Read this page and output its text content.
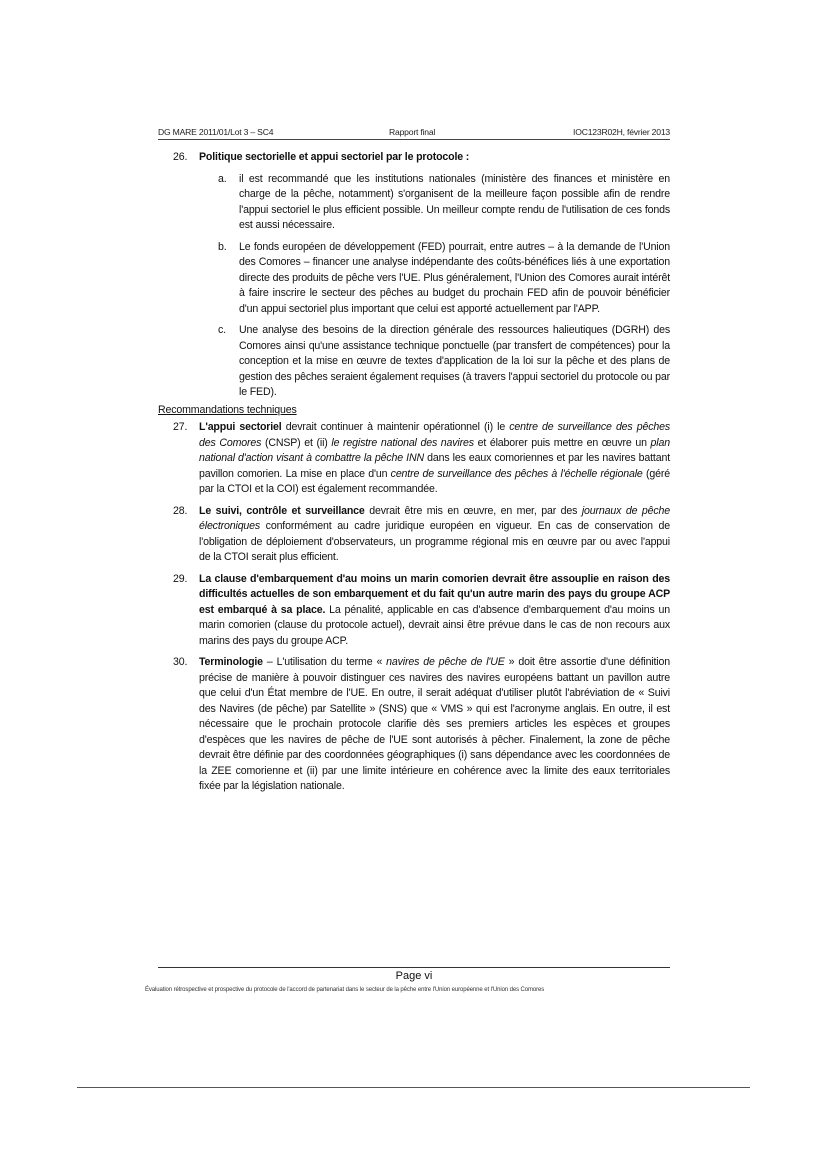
DG MARE 2011/01/Lot 3 – SC4	Rapport final	IOC123R02H, février 2013
26. Politique sectorielle et appui sectoriel par le protocole :
a. il est recommandé que les institutions nationales (ministère des finances et ministère en charge de la pêche, notamment) s'organisent de la meilleure façon possible afin de rendre l'appui sectoriel le plus efficient possible. Un meilleur compte rendu de l'utilisation de ces fonds est aussi nécessaire.
b. Le fonds européen de développement (FED) pourrait, entre autres – à la demande de l'Union des Comores – financer une analyse indépendante des coûts-bénéfices liés à une exportation directe des produits de pêche vers l'UE. Plus généralement, l'Union des Comores aurait intérêt à faire inscrire le secteur des pêches au budget du prochain FED afin de pouvoir bénéficier d'un appui sectoriel plus important que celui est apporté actuellement par l'APP.
c. Une analyse des besoins de la direction générale des ressources halieutiques (DGRH) des Comores ainsi qu'une assistance technique ponctuelle (par transfert de compétences) pour la conception et la mise en œuvre de textes d'application de la loi sur la pêche et des plans de gestion des pêches seraient également requises (à travers l'appui sectoriel du protocole ou par le FED).
Recommandations techniques
27. L'appui sectoriel devrait continuer à maintenir opérationnel (i) le centre de surveillance des pêches des Comores (CNSP) et (ii) le registre national des navires et élaborer puis mettre en œuvre un plan national d'action visant à combattre la pêche INN dans les eaux comoriennes et par les navires battant pavillon comorien. La mise en place d'un centre de surveillance des pêches à l'échelle régionale (géré par la CTOI et la COI) est également recommandée.
28. Le suivi, contrôle et surveillance devrait être mis en œuvre, en mer, par des journaux de pêche électroniques conformément au cadre juridique européen en vigueur. En cas de conservation de l'obligation de déploiement d'observateurs, un programme régional mis en œuvre par ou avec l'appui de la CTOI serait plus efficient.
29. La clause d'embarquement d'au moins un marin comorien devrait être assouplie en raison des difficultés actuelles de son embarquement et du fait qu'un autre marin des pays du groupe ACP est embarqué à sa place. La pénalité, applicable en cas d'absence d'embarquement d'au moins un marin comorien (clause du protocole actuel), devrait ainsi être prévue dans le cas de non recours aux marins des pays du groupe ACP.
30. Terminologie – L'utilisation du terme « navires de pêche de l'UE » doit être assortie d'une définition précise de manière à pouvoir distinguer ces navires des navires européens battant un pavillon autre que celui d'un État membre de l'UE. En outre, il serait adéquat d'utiliser plutôt l'abréviation de « Suivi des Navires (de pêche) par Satellite » (SNS) que « VMS » qui est l'acronyme anglais. En outre, il est nécessaire que le prochain protocole clarifie dès ses premiers articles les espèces et groupes d'espèces que les navires de pêche de l'UE sont autorisés à pêcher. Finalement, la zone de pêche devrait être définie par des coordonnées géographiques (i) sans dépendance avec les coordonnées de la ZEE comorienne et (ii) par une limite intérieure en cohérence avec la limite des eaux territoriales fixée par la législation nationale.
Page vi
Évaluation rétrospective et prospective du protocole de l'accord de partenariat dans le secteur de la pêche entre l'Union européenne et l'Union des Comores
